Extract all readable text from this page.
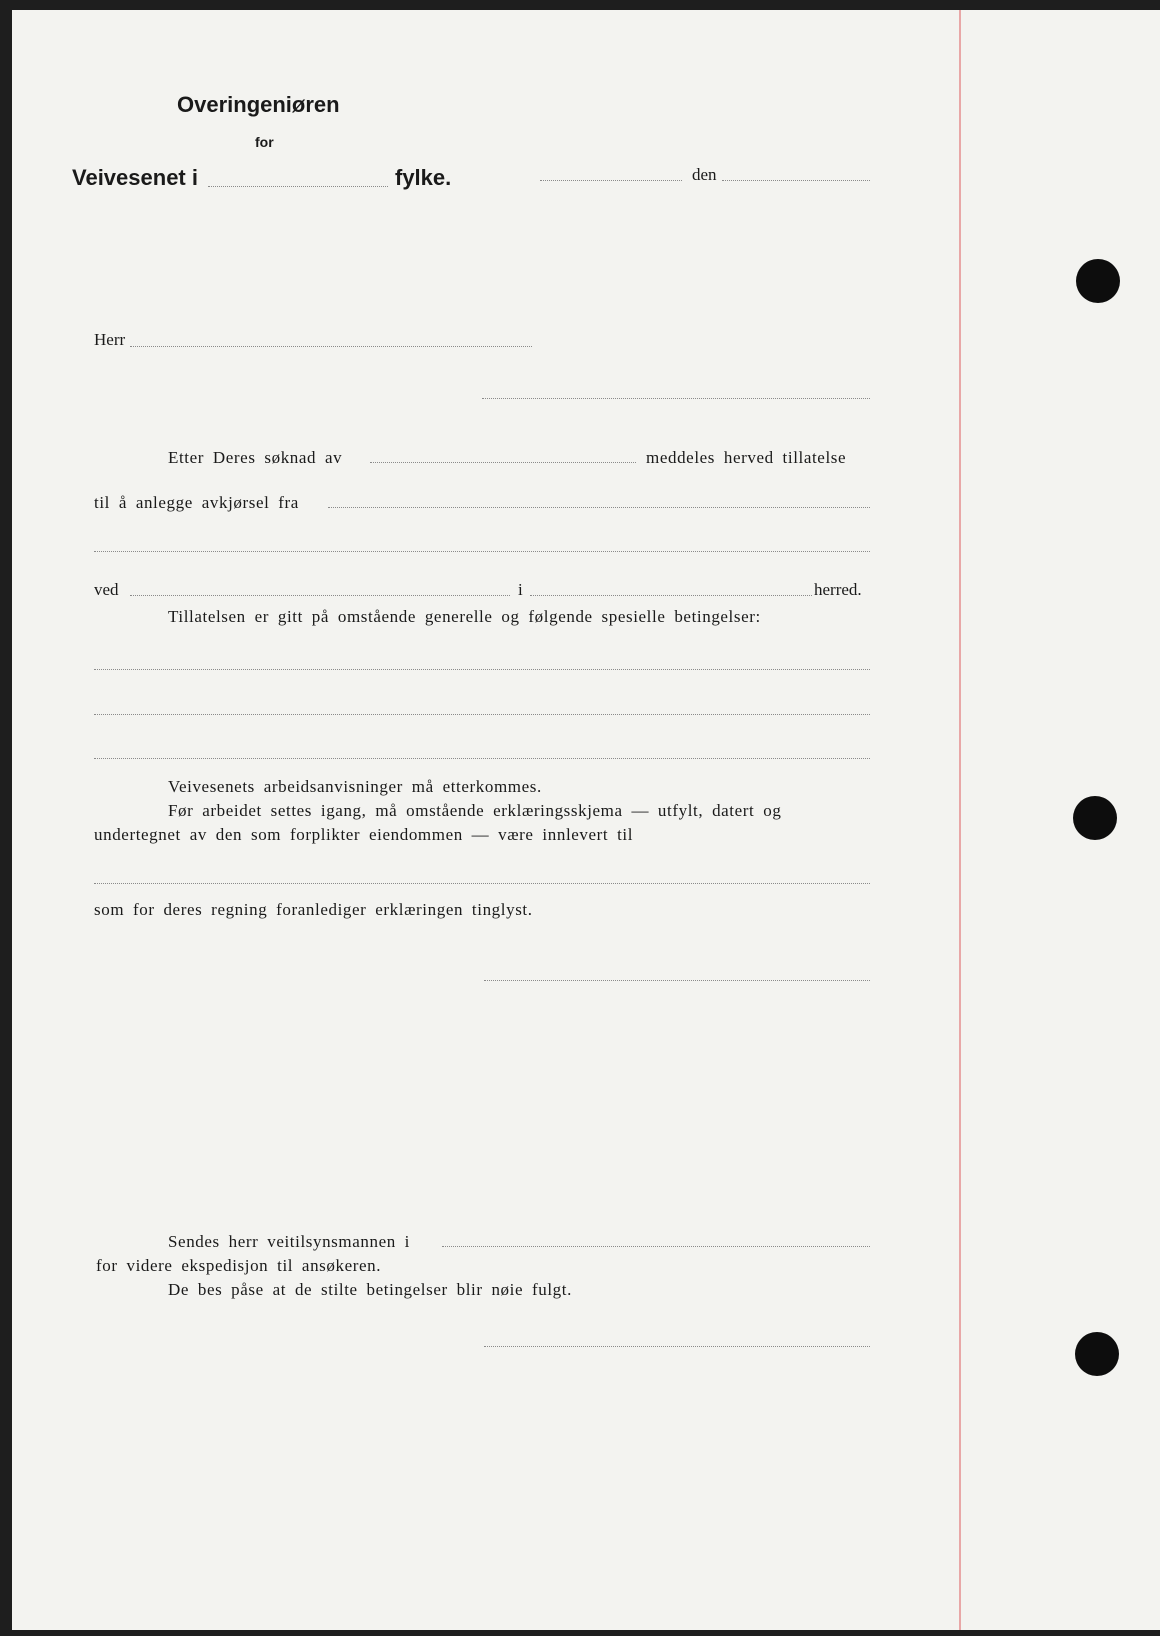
Overingeniøren
for
Veivesenet i	fylke.	den
Herr
Etter Deres søknad av	meddeles herved tillatelse
til å anlegge avkjørsel fra
ved	i	herred.
Tillatelsen er gitt på omstående generelle og følgende spesielle betingelser:
Veivesenets arbeidsanvisninger må etterkommes.
Før arbeidet settes igang, må omstående erklæringsskjema — utfylt, datert og
undertegnet av den som forplikter eiendommen — være innlevert til
som for deres regning foranlediger erklæringen tinglyst.
Sendes herr veitilsynsmannen i
for videre ekspedisjon til ansøkeren.
De bes påse at de stilte betingelser blir nøie fulgt.
